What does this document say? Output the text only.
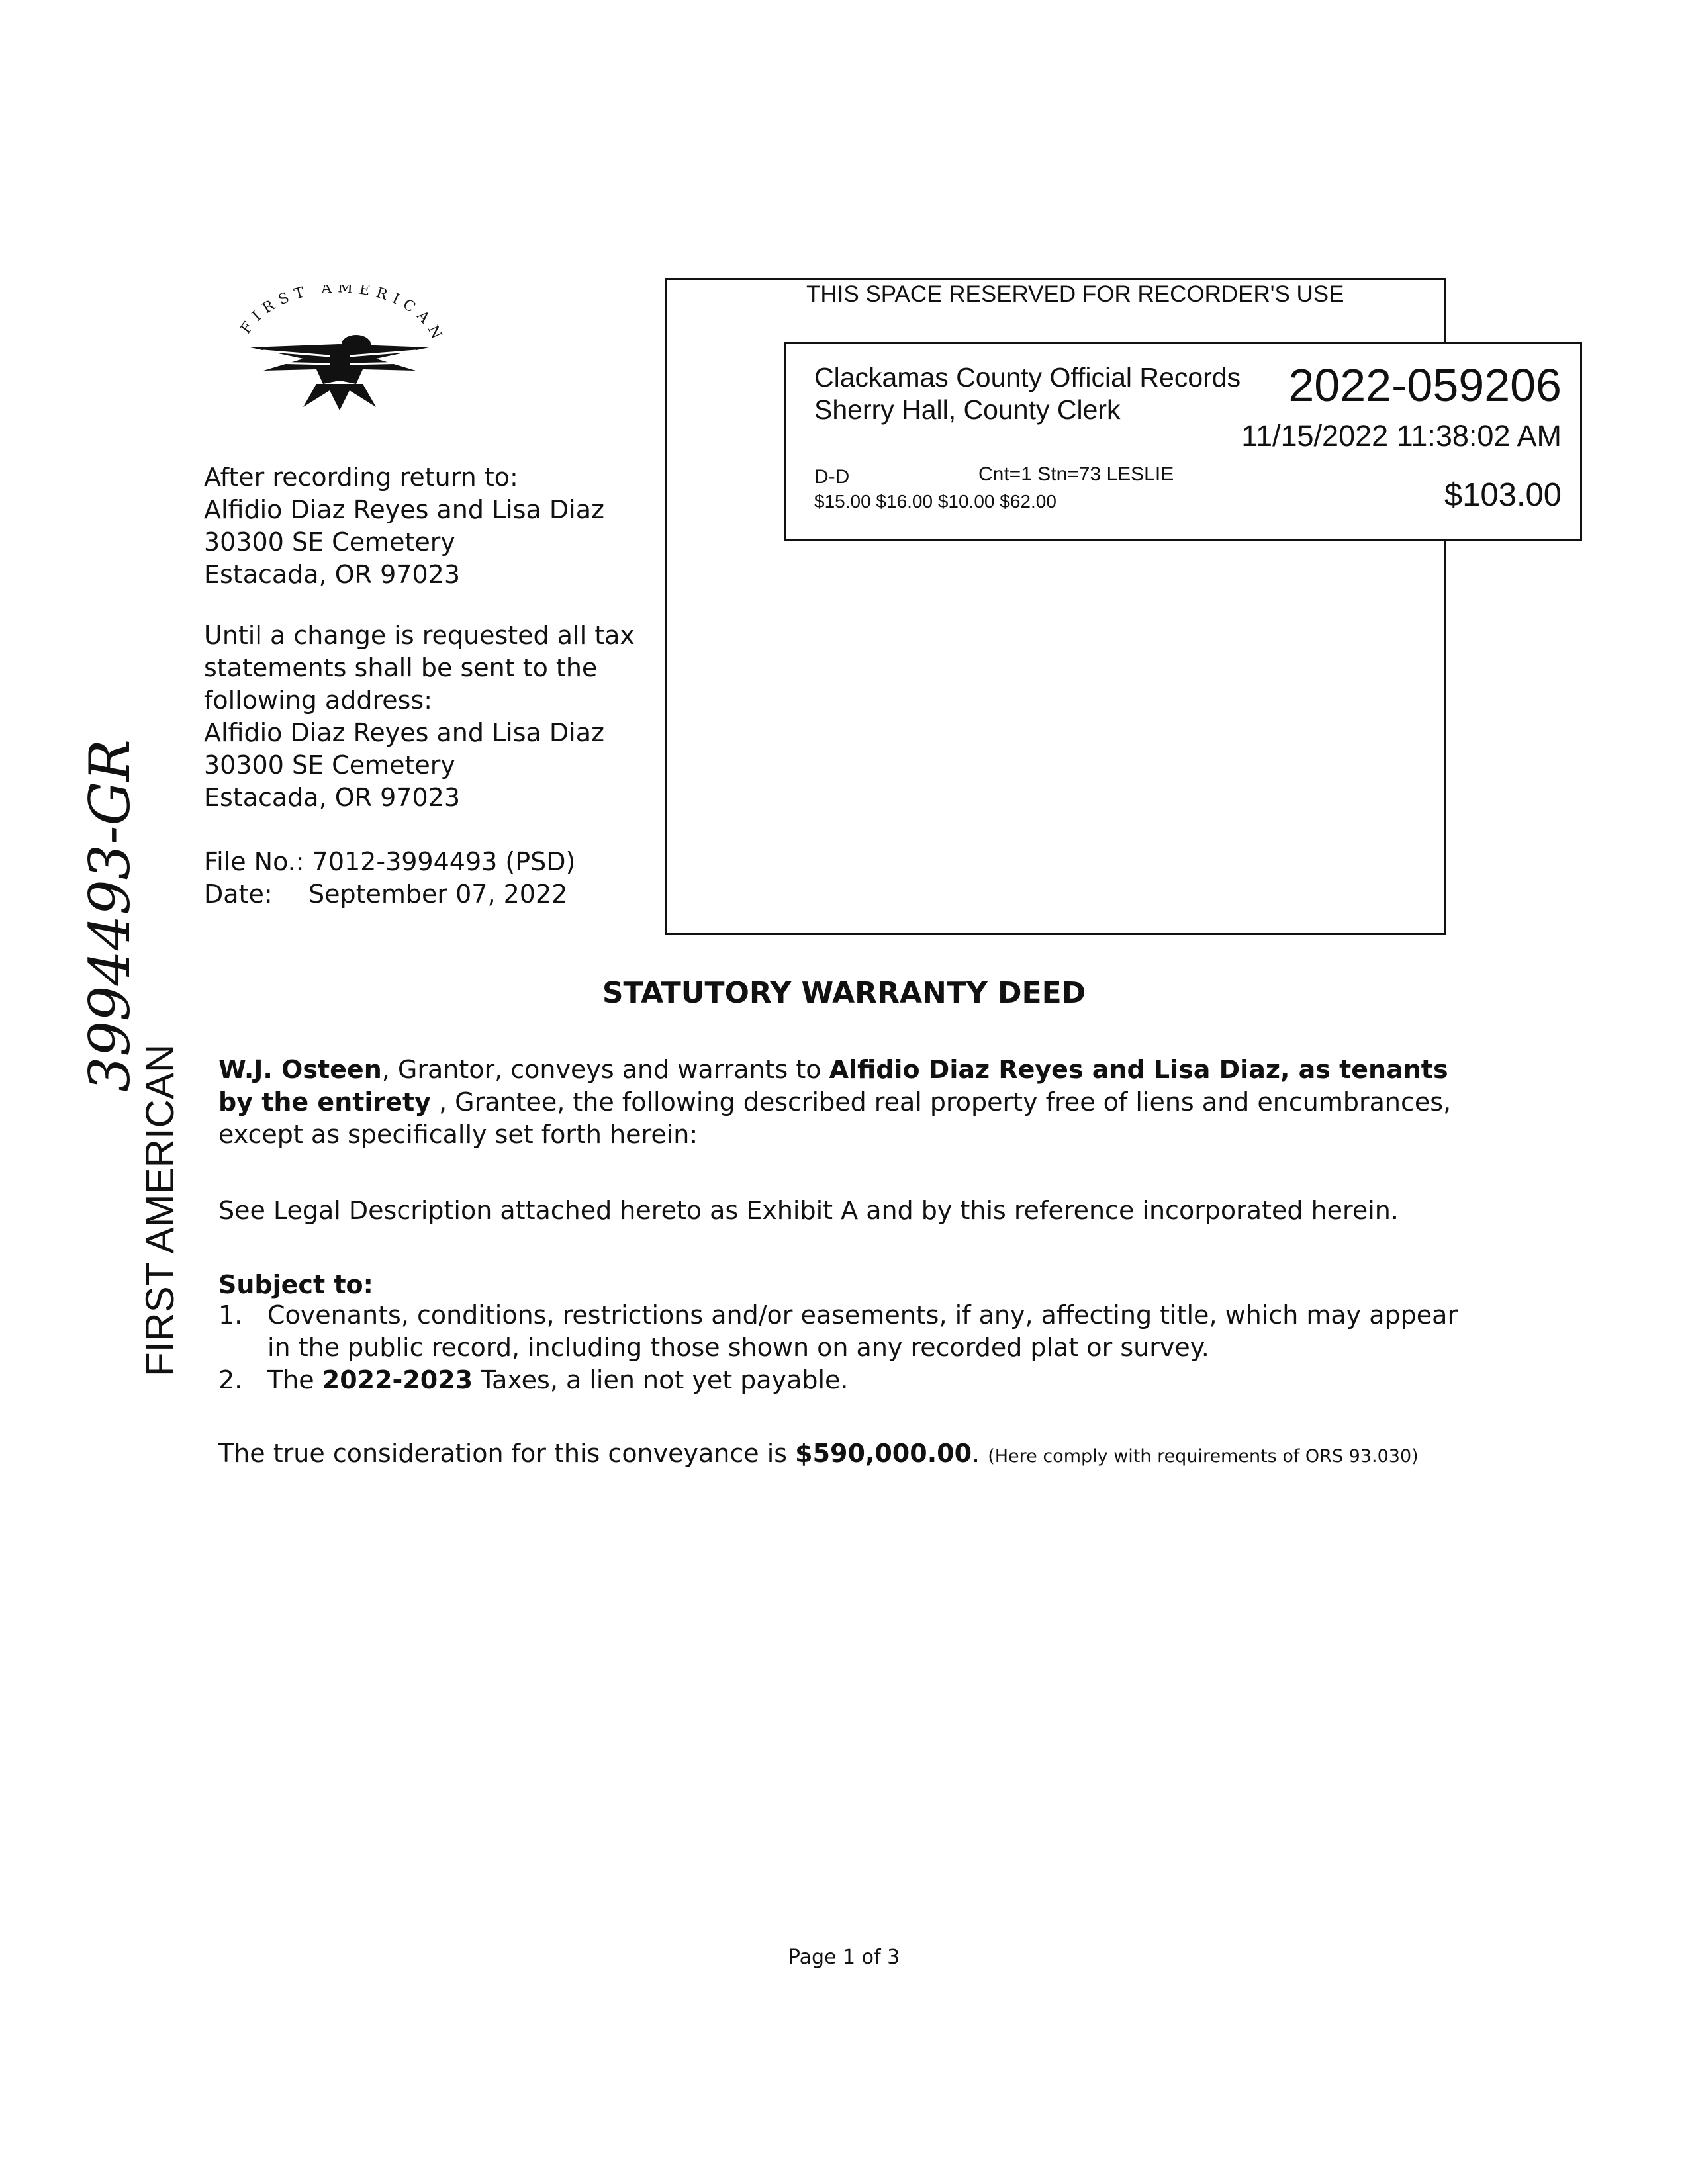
FIRST AMERICAN
After recording return to:
Alfidio Diaz Reyes and Lisa Diaz
30300 SE Cemetery
Estacada, OR 97023
Until a change is requested all tax
statements shall be sent to the
following address:
Alfidio Diaz Reyes and Lisa Diaz
30300 SE Cemetery
Estacada, OR 97023
File No.: 7012-3994493 (PSD)
Date: September 07, 2022
THIS SPACE RESERVED FOR RECORDER'S USE
Clackamas County Official Records
Sherry Hall, County Clerk	2022-059206
11/15/2022 11:38:02 AM
D-D	Cnt=1 Stn=73 LESLIE
$15.00 $16.00 $10.00 $62.00	$103.00
FIRST AMERICAN
3994493-GR	STATUTORY WARRANTY DEED
W.J. Osteen, Grantor, conveys and warrants to Alfidio Diaz Reyes and Lisa Diaz, as tenants by the entirety , Grantee, the following described real property free of liens and encumbrances, except as specifically set forth herein:
See Legal Description attached hereto as Exhibit A and by this reference incorporated herein.
Subject to:
1. Covenants, conditions, restrictions and/or easements, if any, affecting title, which may appear in the public record, including those shown on any recorded plat or survey.
2. The 2022-2023 Taxes, a lien not yet payable.
The true consideration for this conveyance is $590,000.00. (Here comply with requirements of ORS 93.030)
Page 1 of 3
